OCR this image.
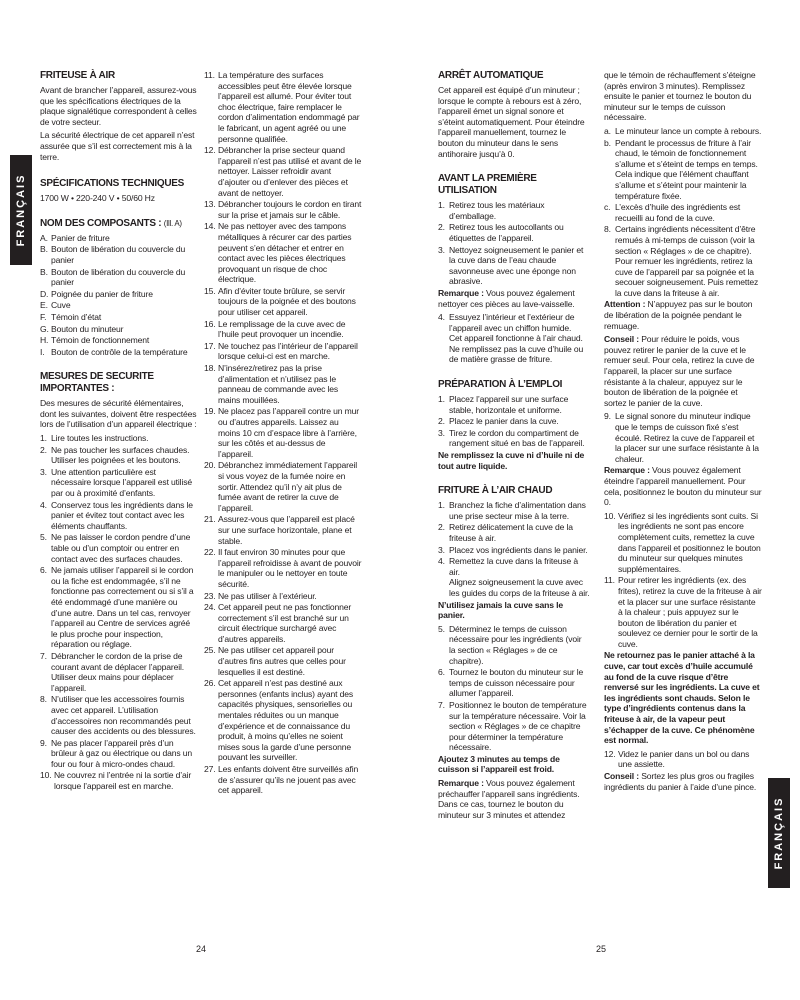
FRANÇAIS
FRITEUSE À AIR

Avant de brancher l’appareil, assurez-vous que les spécifications électriques de la plaque signalétique correspondent à celles de votre secteur.

La sécurité électrique de cet appareil n’est assurée que s’il est correctement mis à la terre.

SPÉCIFICATIONS TECHNIQUES

1700 W • 220-240 V • 50/60 Hz

NOM DES COMPOSANTS : (Ill. A)
A. Panier de friture
B. Bouton de libération du couvercle du panier
B. Bouton de libération du couvercle du panier
D. Poignée du panier de friture
E. Cuve
F. Témoin d’état
G. Bouton du minuteur
H. Témoin de fonctionnement
I. Bouton de contrôle de la température
MESURES DE SECURITE IMPORTANTES :

Des mesures de sécurité élémentaires, dont les suivantes, doivent être respectées lors de l’utilisation d’un appareil électrique :

1. Lire toutes les instructions.
2. Ne pas toucher les surfaces chaudes. Utiliser les poignées et les boutons.
3. Une attention particulière est nécessaire lorsque l’appareil est utilisé par ou à proximité d’enfants.
4. Conservez tous les ingrédients dans le panier et évitez tout contact avec les éléments chauffants.
5. Ne pas laisser le cordon pendre d’une table ou d’un comptoir ou entrer en contact avec des surfaces chaudes.
6. Ne jamais utiliser l’appareil si le cordon ou la fiche est endommagée, s’il ne fonctionne pas correctement ou si s’il a été endommagé d’une manière ou d’une autre. Dans un tel cas, renvoyer l’appareil au Centre de services agréé le plus proche pour inspection, réparation ou réglage.
7. Débrancher le cordon de la prise de courant avant de déplacer l’appareil. Utiliser deux mains pour déplacer l’appareil.
8. N’utiliser que les accessoires fournis avec cet appareil. L’utilisation d’accessoires non recommandés peut causer des accidents ou des blessures.
9. Ne pas placer l’appareil près d’un brûleur à gaz ou électrique ou dans un four ou four à micro-ondes chaud.
10. Ne couvrez ni l’entrée ni la sortie d’air lorsque l’appareil est en marche.
11. La température des surfaces accessibles peut être élevée lorsque l’appareil est allumé. Pour éviter tout choc électrique, faire remplacer le cordon d’alimentation endommagé par le fabricant, un agent agréé ou une personne qualifiée.
12. Débrancher la prise secteur quand l’appareil n’est pas utilisé et avant de le nettoyer. Laisser refroidir avant d’ajouter ou d’enlever des pièces et avant de nettoyer.
13. Débrancher toujours le cordon en tirant sur la prise et jamais sur le câble.
14. Ne pas nettoyer avec des tampons métalliques à récurer car des parties peuvent s’en détacher et entrer en contact avec les pièces électriques provoquant un risque de choc électrique.
15. Afin d’éviter toute brûlure, se servir toujours de la poignée et des boutons pour utiliser cet appareil.
16. Le remplissage de la cuve avec de l’huile peut provoquer un incendie.
17. Ne touchez pas l’intérieur de l’appareil lorsque celui-ci est en marche.
18. N’insérez/retirez pas la prise d’alimentation et n’utilisez pas le panneau de commande avec les mains mouillées.
19. Ne placez pas l’appareil contre un mur ou d’autres appareils. Laissez au moins 10 cm d’espace libre à l’arrière, sur les côtés et au-dessus de l’appareil.
20. Débranchez immédiatement l’appareil si vous voyez de la fumée noire en sortir. Attendez qu’il n’y ait plus de fumée avant de retirer la cuve de l’appareil.
21. Assurez-vous que l’appareil est placé sur une surface horizontale, plane et stable.
22. Il faut environ 30 minutes pour que l’appareil refroidisse à avant de pouvoir le manipuler ou le nettoyer en toute sécurité.
23. Ne pas utiliser à l’extérieur.
24. Cet appareil peut ne pas fonctionner correctement s’il est branché sur un circuit électrique surchargé avec d’autres appareils.
25. Ne pas utiliser cet appareil pour d’autres fins autres que celles pour lesquelles il est destiné.
26. Cet appareil n’est pas destiné aux personnes (enfants inclus) ayant des capacités physiques, sensorielles ou mentales réduites ou un manque d’expérience et de connaissance du produit, à moins qu’elles ne soient mises sous la garde d’une personne pouvant les surveiller.
27. Les enfants doivent être surveillés afin de s’assurer qu’ils ne jouent pas avec cet appareil.
24
ARRÊT AUTOMATIQUE

Cet appareil est équipé d’un minuteur ; lorsque le compte à rebours est à zéro, l’appareil émet un signal sonore et s’éteint automatiquement. Pour éteindre l’appareil manuellement, tournez le bouton du minuteur dans le sens antihoraire jusqu’à 0.

AVANT LA PREMIÈRE UTILISATION
1. Retirez tous les matériaux d’emballage.
2. Retirez tous les autocollants ou étiquettes de l’appareil.
3. Nettoyez soigneusement le panier et la cuve dans de l’eau chaude savonneuse avec une éponge non abrasive.

Remarque : Vous pouvez également nettoyer ces pièces au lave-vaisselle.

4. Essuyez l’intérieur et l’extérieur de l’appareil avec un chiffon humide.
Cet appareil fonctionne à l’air chaud. Ne remplissez pas la cuve d’huile ou de matière grasse de friture.
PRÉPARATION À L’EMPLOI
1. Placez l’appareil sur une surface stable, horizontale et uniforme.
2. Placez le panier dans la cuve.
3. Tirez le cordon du compartiment de rangement situé en bas de l’appareil.

Ne remplissez la cuve ni d’huile ni de tout autre liquide.

FRITURE À L’AIR CHAUD
1. Branchez la fiche d’alimentation dans une prise secteur mise à la terre.
2. Retirez délicatement la cuve de la friteuse à air.
3. Placez vos ingrédients dans le panier.
4. Remettez la cuve dans la friteuse à air.
Alignez soigneusement la cuve avec les guides du corps de la friteuse à air.

N’utilisez jamais la cuve sans le panier.

5. Déterminez le temps de cuisson nécessaire pour les ingrédients (voir la section « Réglages » de ce chapitre).
6. Tournez le bouton du minuteur sur le temps de cuisson nécessaire pour allumer l’appareil.
7. Positionnez le bouton de température sur la température nécessaire. Voir la section « Réglages » de ce chapitre pour déterminer la température nécessaire.

Ajoutez 3 minutes au temps de cuisson si l’appareil est froid.

Remarque : Vous pouvez également préchauffer l’appareil sans ingrédients. Dans ce cas, tournez le bouton du minuteur sur 3 minutes et attendez

que le témoin de réchauffement s’éteigne (après environ 3 minutes). Remplissez ensuite le panier et tournez le bouton du minuteur sur le temps de cuisson nécessaire.

a. Le minuteur lance un compte à rebours.
b. Pendant le processus de friture à l’air chaud, le témoin de fonctionnement s’allume et s’éteint de temps en temps. Cela indique que l’élément chauffant s’allume et s’éteint pour maintenir la température fixée.
c. L’excès d’huile des ingrédients est recueilli au fond de la cuve.
8. Certains ingrédients nécessitent d’être remués à mi-temps de cuisson (voir la section « Réglages » de ce chapitre). Pour remuer les ingrédients, retirez la cuve de l’appareil par sa poignée et la secouer soigneusement. Puis remettez la cuve dans la friteuse à air.

Attention : N’appuyez pas sur le bouton de libération de la poignée pendant le remuage.

Conseil : Pour réduire le poids, vous pouvez retirer le panier de la cuve et le remuer seul. Pour cela, retirez la cuve de l’appareil, la placer sur une surface résistante à la chaleur, appuyez sur le bouton de libération de la poignée et sortez le panier de la cuve.

9. Le signal sonore du minuteur indique que le temps de cuisson fixé s’est écoulé. Retirez la cuve de l’appareil et la placer sur une surface résistante à la chaleur.

Remarque : Vous pouvez également éteindre l’appareil manuellement. Pour cela, positionnez le bouton du minuteur sur 0.

10. Vérifiez si les ingrédients sont cuits. Si les ingrédients ne sont pas encore complètement cuits, remettez la cuve dans l’appareil et positionnez le bouton du minuteur sur quelques minutes supplémentaires.
11. Pour retirer les ingrédients (ex. des frites), retirez la cuve de la friteuse à air et la placer sur une surface résistante à la chaleur ; puis appuyez sur le bouton de libération du panier et soulevez ce dernier pour le sortir de la cuve.

Ne retournez pas le panier attaché à la cuve, car tout excès d’huile accumulé au fond de la cuve risque d’être renversé sur les ingrédients. La cuve et les ingrédients sont chauds. Selon le type d’ingrédients contenus dans la friteuse à air, de la vapeur peut s’échapper de la cuve. Ce phénomène est normal.

12. Videz le panier dans un bol ou dans une assiette.

Conseil : Sortez les plus gros ou fragiles ingrédients du panier à l’aide d’une pince.

FRANÇAIS
25
